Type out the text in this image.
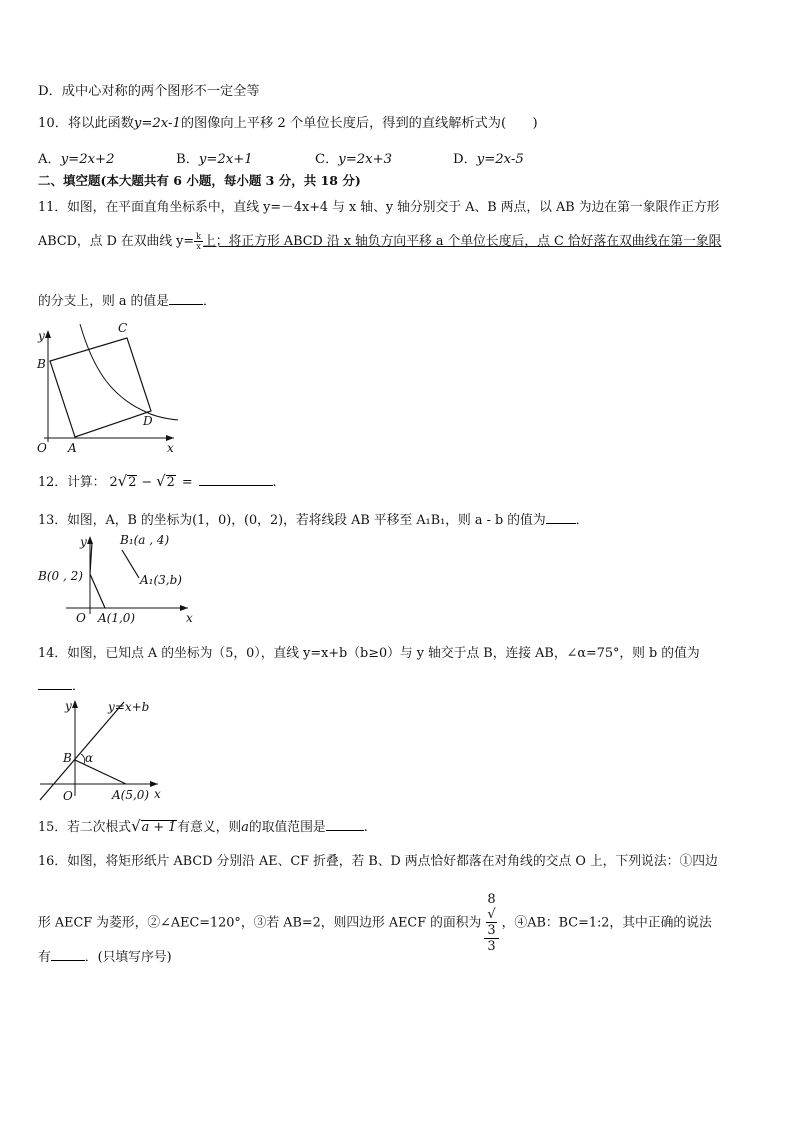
D．成中心对称的两个图形不一定全等
10．将以此函数y=2x-1的图像向上平移 2 个单位长度后，得到的直线解析式为(　　)
A．y=2x+2	B．y=2x+1	C．y=2x+3	D．y=2x-5
二、填空题(本大题共有 6 小题，每小题 3 分，共 18 分)
11．如图，在平面直角坐标系中，直线 y=－4x+4 与 x 轴、y 轴分别交于 A、B 两点，以 AB 为边在第一象限作正方形
ABCD，点 D 在双曲线 $y= \frac{k}{x}$ 上；将正方形 ABCD 沿 x 轴负方向平移 a 个单位长度后，点 C 恰好落在双曲线在第一象限
的分支上，则 a 的值是	．
y
x
O A
B
C
D
12．计算： 2√2 − √2 =	.
13．如图，A，B 的坐标为(1，0)，(0，2)，若将线段 AB 平移至 A₁B₁，则 a - b 的值为 ．
y
x
O
B(0 , 2)
A(1,0)
B₁(a , 4)
A₁(3,b)
14．如图，已知点 A 的坐标为（5，0），直线 y=x+b（b≥0）与 y 轴交于点 B，连接 AB，∠α=75°，则 b 的值为
．
y
x
O
B α
A(5,0)
y=x+b
15．若二次根式√a + 1有意义，则a的取值范围是	.
16．如图，将矩形纸片 ABCD 分别沿 AE、CF 折叠，若 B、D 两点恰好都落在对角线的交点 O 上，下列说法：①四边
形 AECF 为菱形，②∠AEC=120°，③若 AB=2，则四边形 AECF 的面积为 8
√
3
3 ，④AB：BC=1:2，其中正确的说法
有	．(只填写序号)
